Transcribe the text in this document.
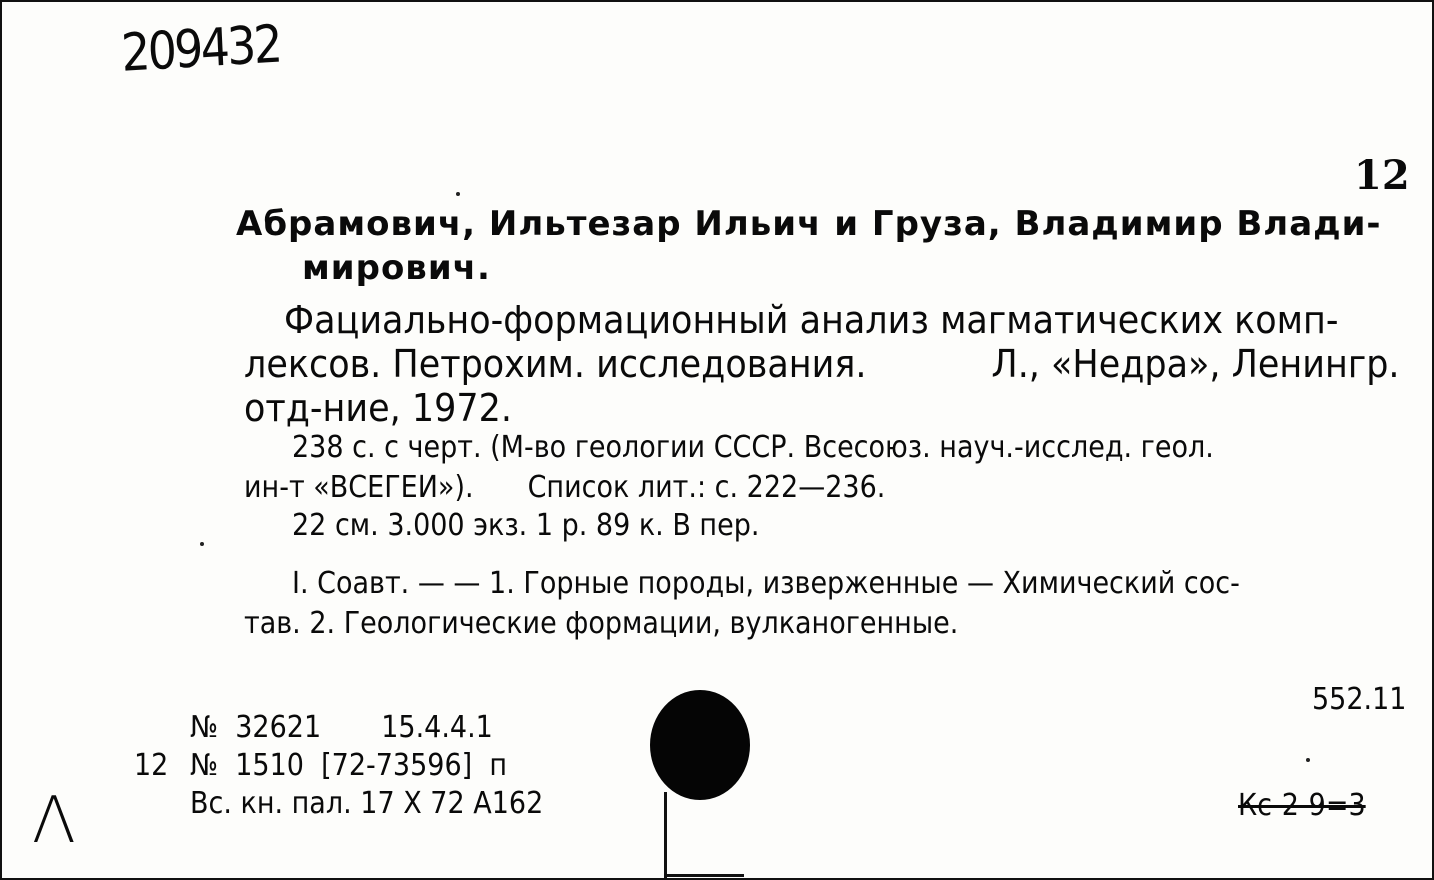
209432
12
Абрамович, Ильтезар Ильич и Груза, Владимир Влади-
мирович.
Фациально-формационный анализ магматических комп-
лексов. Петрохим. исследования.	Л., «Недра», Ленингр.
отд-ние, 1972.
238 с. с черт. (М-во геологии СССР. Всесоюз. науч.-исслед. геол.
ин-т «ВСЕГЕИ»). Список лит.: с. 222—236.
22 см. 3.000 экз. 1 р. 89 к. В пер.
I. Соавт. — — 1. Горные породы, изверженные — Химический сос-
тав. 2. Геологические формации, вулканогенные.
552.11
№  32621       15.4.4.1
12 №  1510  [72-73596]  п
Вс. кн. пал. 17 X 72 А162	Кс-2-9=3
Λ
